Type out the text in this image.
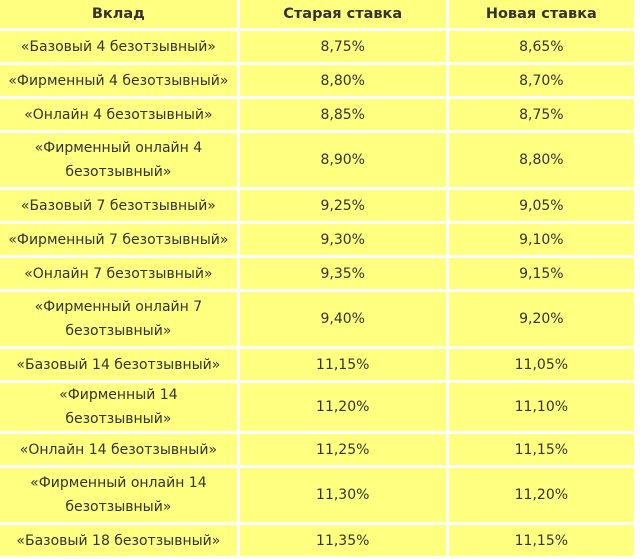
Вклад	Старая ставка	Новая ставка
«Базовый 4 безотзывный»	8,75%	8,65%
«Фирменный 4 безотзывный»	8,80%	8,70%
«Онлайн 4 безотзывный»	8,85%	8,75%
«Фирменный онлайн 4 безотзывный»	8,90%	8,80%
«Базовый 7 безотзывный»	9,25%	9,05%
«Фирменный 7 безотзывный»	9,30%	9,10%
«Онлайн 7 безотзывный»	9,35%	9,15%
«Фирменный онлайн 7 безотзывный»	9,40%	9,20%
«Базовый 14 безотзывный»	11,15%	11,05%
«Фирменный 14 безотзывный»	11,20%	11,10%
«Онлайн 14 безотзывный»	11,25%	11,15%
«Фирменный онлайн 14 безотзывный»	11,30%	11,20%
«Базовый 18 безотзывный»	11,35%	11,15%
